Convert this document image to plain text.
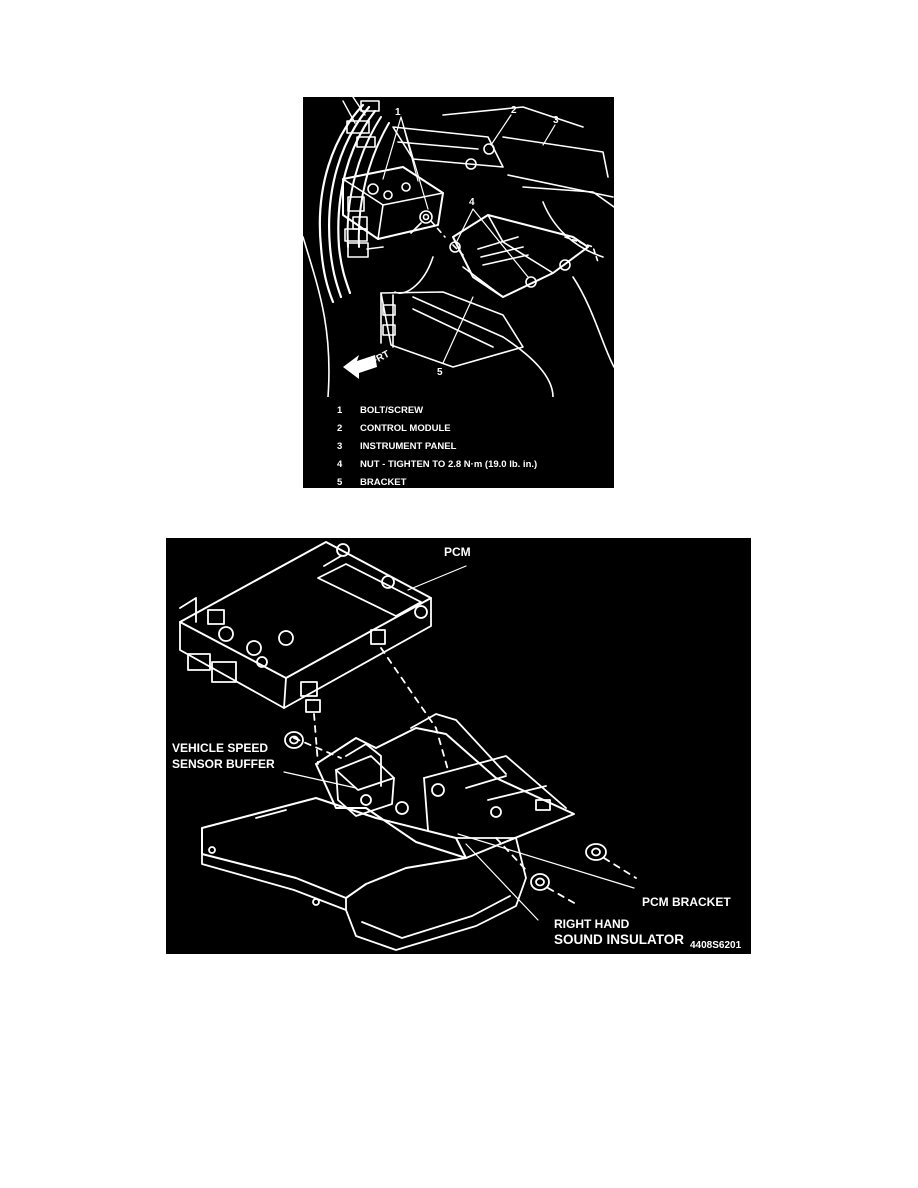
FRT
1	2
3
4
5
1 BOLT/SCREW
2 CONTROL MODULE
3 INSTRUMENT PANEL
4 NUT - TIGHTEN TO 2.8 N·m (19.0 lb. in.)
5 BRACKET
PCM
VEHICLE SPEED
SENSOR BUFFER
PCM BRACKET
RIGHT HAND
SOUND INSULATOR 4408S6201
